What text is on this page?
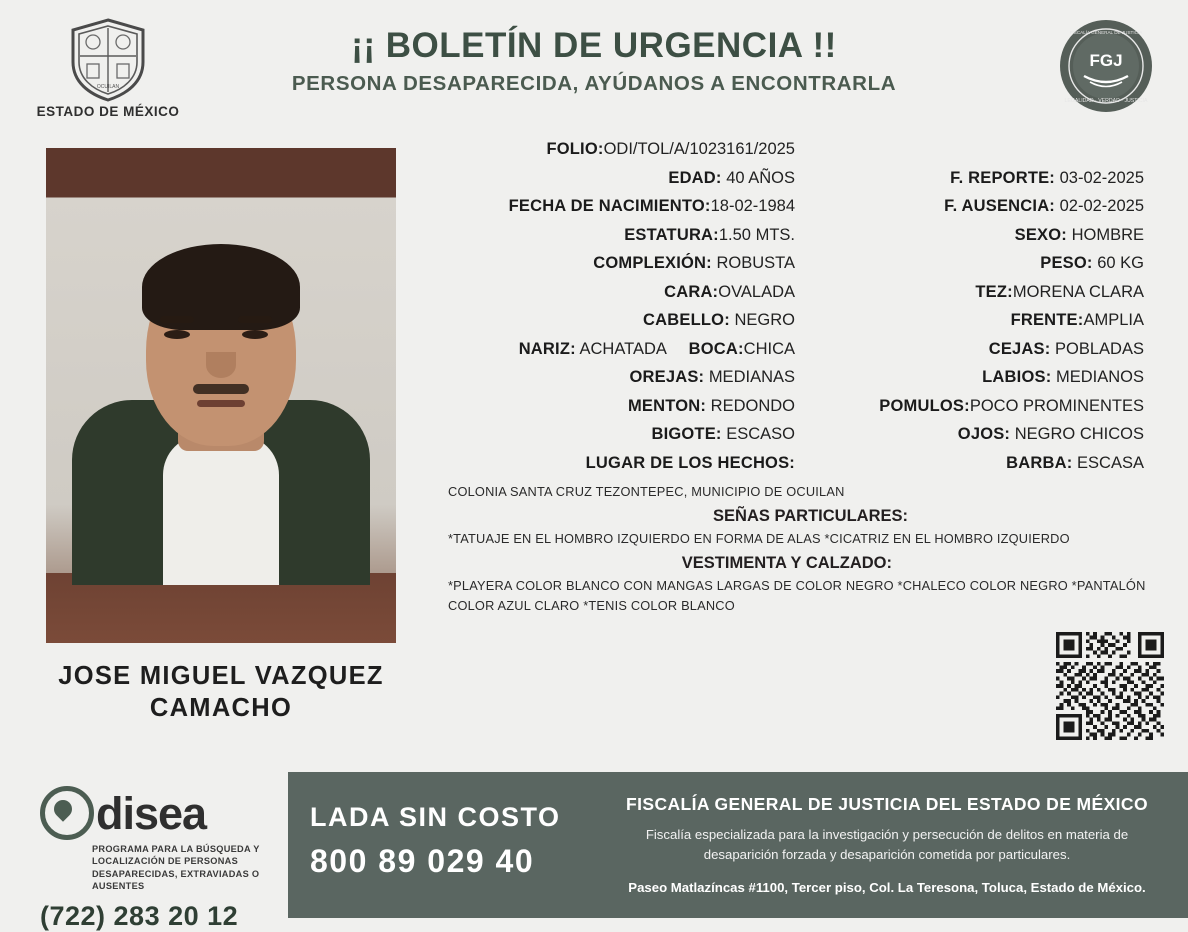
OCUILAN
ESTADO DE MÉXICO
¡¡ BOLETÍN DE URGENCIA !!
PERSONA DESAPARECIDA, AYÚDANOS A ENCONTRARLA
FGJ
LEGALIDAD · VERDAD · JUSTICIA
FISCALÍA GENERAL DE JUSTICIA
JOSE MIGUEL VAZQUEZ CAMACHO
FOLIO:ODI/TOL/A/1023161/2025
EDAD: 40 AÑOS	F. REPORTE: 03-02-2025
FECHA DE NACIMIENTO:18-02-1984	F. AUSENCIA: 02-02-2025
ESTATURA:1.50 MTS.	SEXO: HOMBRE
COMPLEXIÓN: ROBUSTA	PESO: 60 KG
CARA:OVALADA	TEZ:MORENA CLARA
CABELLO: NEGRO	FRENTE:AMPLIA
NARIZ: ACHATADA BOCA:CHICA	CEJAS: POBLADAS
OREJAS: MEDIANAS	LABIOS: MEDIANOS
MENTON: REDONDO	POMULOS:POCO PROMINENTES
BIGOTE: ESCASO	OJOS: NEGRO CHICOS
LUGAR DE LOS HECHOS:	BARBA: ESCASA
COLONIA SANTA CRUZ TEZONTEPEC, MUNICIPIO DE OCUILAN
SEÑAS PARTICULARES:
*TATUAJE EN EL HOMBRO IZQUIERDO EN FORMA DE ALAS *CICATRIZ EN EL HOMBRO IZQUIERDO
VESTIMENTA Y CALZADO:
*PLAYERA COLOR BLANCO CON MANGAS LARGAS DE COLOR NEGRO *CHALECO COLOR NEGRO *PANTALÓN COLOR AZUL CLARO *TENIS COLOR BLANCO
disea
PROGRAMA PARA LA BÚSQUEDA Y LOCALIZACIÓN DE PERSONAS DESAPARECIDAS, EXTRAVIADAS O AUSENTES
(722) 283 20 12
LADA SIN COSTO
800 89 029 40
FISCALÍA GENERAL DE JUSTICIA DEL ESTADO DE MÉXICO
Fiscalía especializada para la investigación y persecución de delitos en materia de desaparición forzada y desaparición cometida por particulares.
Paseo Matlazíncas #1100, Tercer piso, Col. La Teresona, Toluca, Estado de México.
